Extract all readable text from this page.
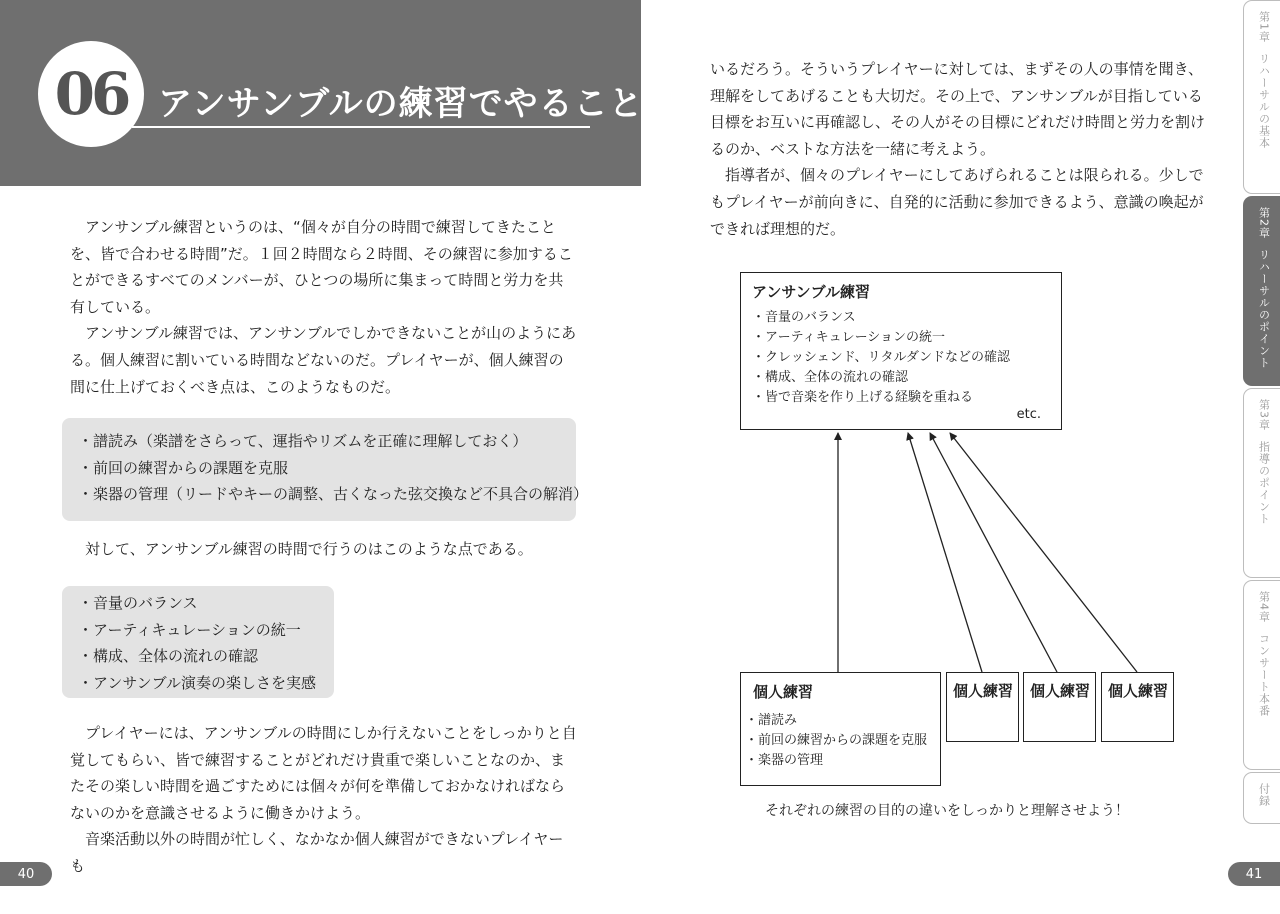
06 アンサンブルの練習でやること

アンサンブル練習というのは、“個々が自分の時間で練習してきたことを、皆で合わせる時間”だ。１回２時間なら２時間、その練習に参加することができるすべてのメンバーが、ひとつの場所に集まって時間と労力を共有している。

アンサンブル練習では、アンサンブルでしかできないことが山のようにある。個人練習に割いている時間などないのだ。プレイヤーが、個人練習の間に仕上げておくべき点は、このようなものだ。

・譜読み（楽譜をさらって、運指やリズムを正確に理解しておく）
・前回の練習からの課題を克服
・楽器の管理（リードやキーの調整、古くなった弦交換など不具合の解消）

対して、アンサンブル練習の時間で行うのはこのような点である。

・音量のバランス
・アーティキュレーションの統一
・構成、全体の流れの確認
・アンサンブル演奏の楽しさを実感

プレイヤーには、アンサンブルの時間にしか行えないことをしっかりと自覚してもらい、皆で練習することがどれだけ貴重で楽しいことなのか、またその楽しい時間を過ごすためには個々が何を準備しておかなければならないのかを意識させるように働きかけよう。

音楽活動以外の時間が忙しく、なかなか個人練習ができないプレイヤーも

40

いるだろう。そういうプレイヤーに対しては、まずその人の事情を聞き、理解をしてあげることも大切だ。その上で、アンサンブルが目指している目標をお互いに再確認し、その人がその目標にどれだけ時間と労力を割けるのか、ベストな方法を一緒に考えよう。

指導者が、個々のプレイヤーにしてあげられることは限られる。少しでもプレイヤーが前向きに、自発的に活動に参加できるよう、意識の喚起ができれば理想的だ。

アンサンブル練習
・音量のバランス
・アーティキュレーションの統一
・クレッシェンド、リタルダンドなどの確認
・構成、全体の流れの確認
・皆で音楽を作り上げる経験を重ねる
etc.
個人練習
・譜読み
・前回の練習からの課題を克服
・楽器の管理
個人練習	個人練習	個人練習
それぞれの練習の目的の違いをしっかりと理解させよう！
41
第1章リハーサルの基本
第2章リハーサルのポイント
第3章指導のポイント
第4章コンサート本番
付録
